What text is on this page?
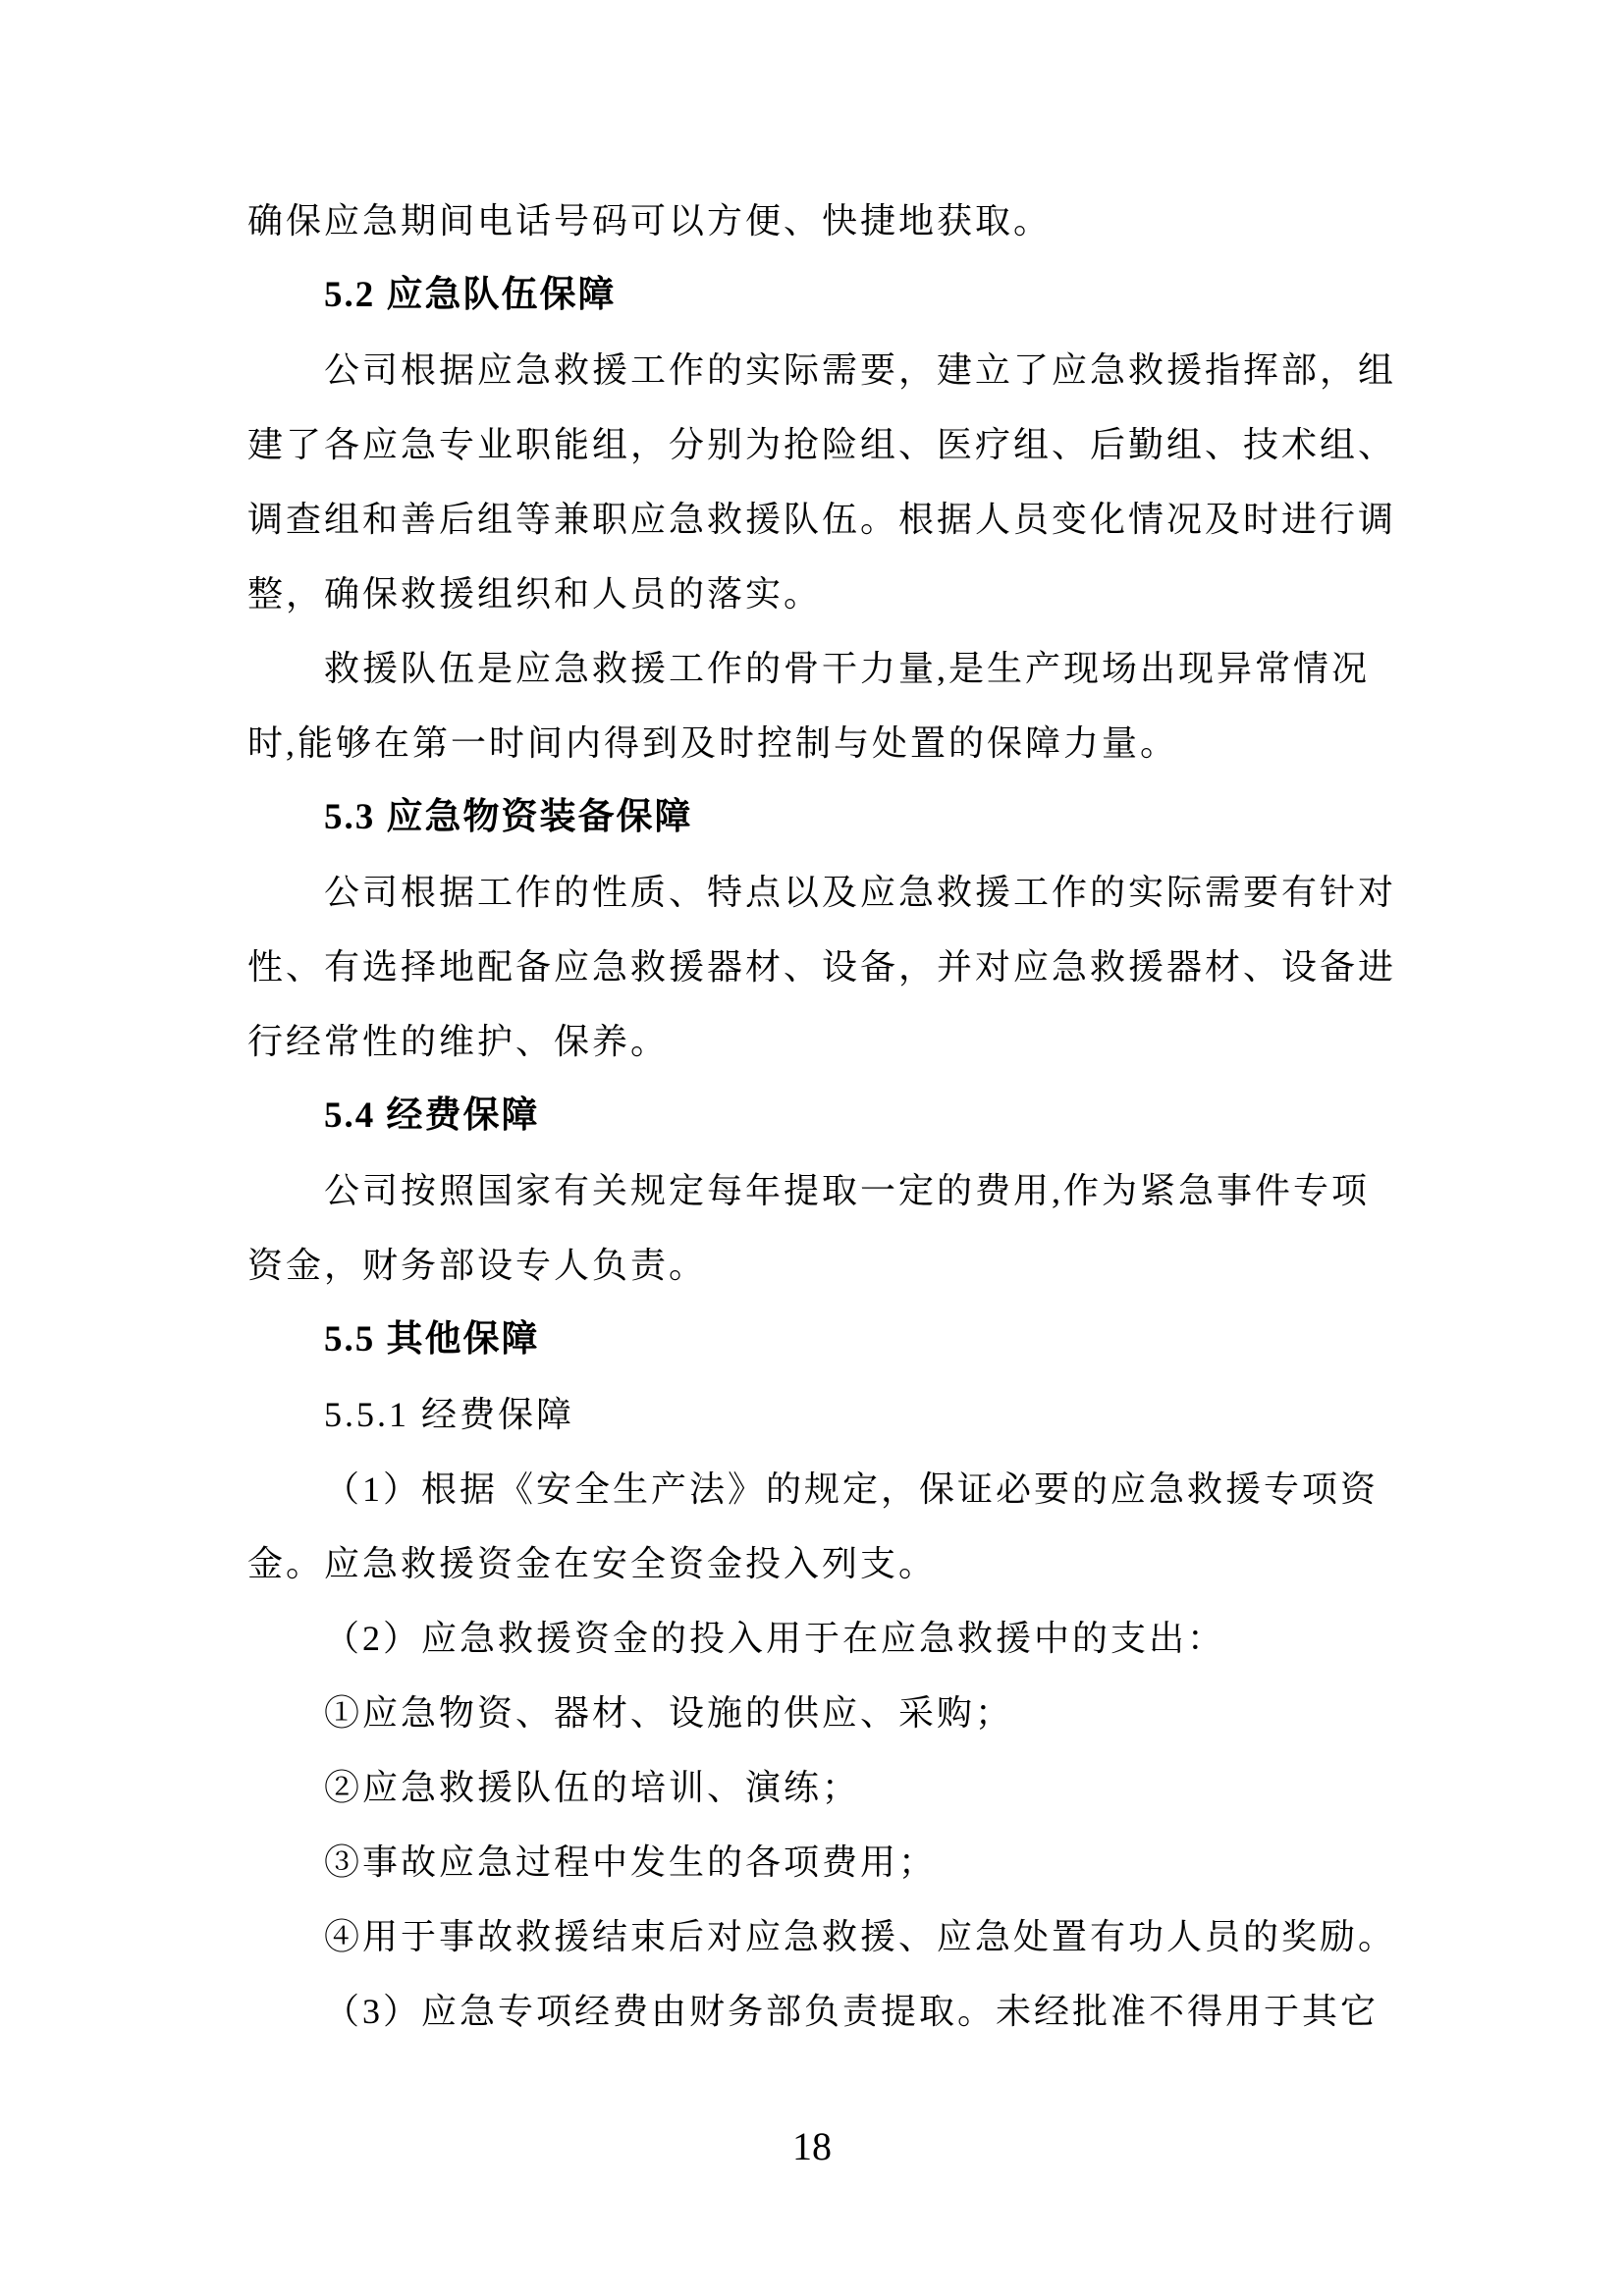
确保应急期间电话号码可以方便、快捷地获取。
5.2 应急队伍保障
公司根据应急救援工作的实际需要，建立了应急救援指挥部，组
建了各应急专业职能组，分别为抢险组、医疗组、后勤组、技术组、
调查组和善后组等兼职应急救援队伍。根据人员变化情况及时进行调
整，确保救援组织和人员的落实。
救援队伍是应急救援工作的骨干力量,是生产现场出现异常情况
时,能够在第一时间内得到及时控制与处置的保障力量。
5.3 应急物资装备保障
公司根据工作的性质、特点以及应急救援工作的实际需要有针对
性、有选择地配备应急救援器材、设备，并对应急救援器材、设备进
行经常性的维护、保养。
5.4 经费保障
公司按照国家有关规定每年提取一定的费用,作为紧急事件专项
资金，财务部设专人负责。
5.5 其他保障
5.5.1 经费保障
（1）根据《安全生产法》的规定，保证必要的应急救援专项资
金。应急救援资金在安全资金投入列支。
（2）应急救援资金的投入用于在应急救援中的支出：
①应急物资、器材、设施的供应、采购；
②应急救援队伍的培训、演练；
③事故应急过程中发生的各项费用；
④用于事故救援结束后对应急救援、应急处置有功人员的奖励。
（3）应急专项经费由财务部负责提取。未经批准不得用于其它
18
